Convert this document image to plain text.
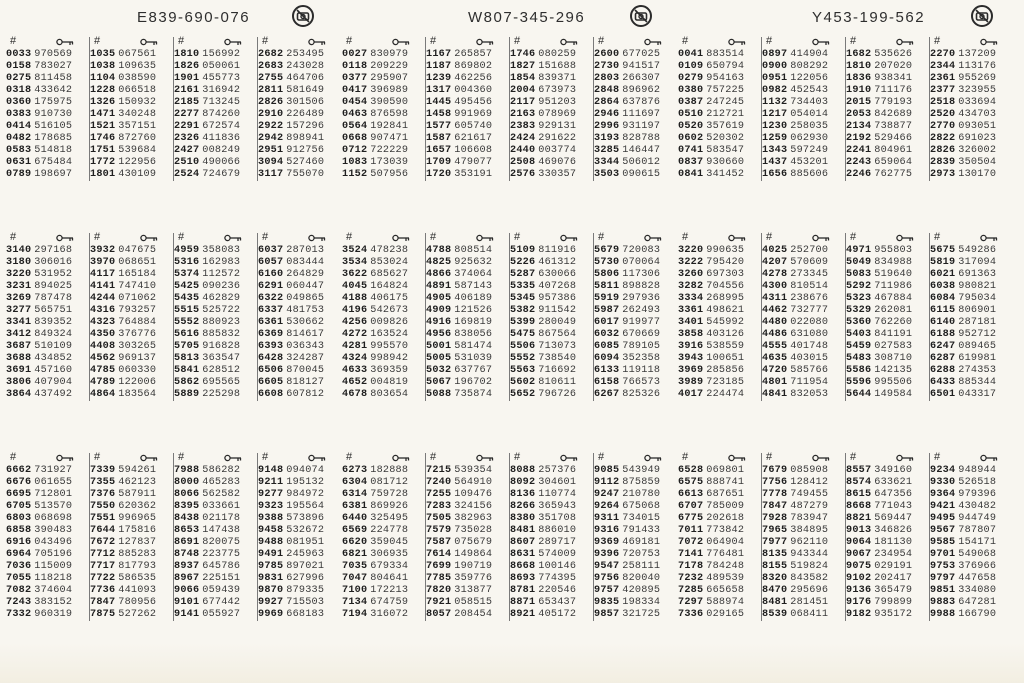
E839-690-076	W807-345-296	Y453-199-562
#
0033 970569
0158 783027
0275 811458
0318 433642
0360 175975
0383 910730
0414 516105
0482 178685
0583 514818
0631 675484
0789 198697
#
1035 067561
1038 109635
1104 038590
1228 066518
1326 150932
1471 340248
1521 357151
1746 872760
1751 539684
1772 122956
1801 430109
#
1810 156992
1826 050061
1901 455773
2161 316942
2185 713245
2277 874260
2291 672574
2326 411836
2427 008249
2510 490066
2524 724679
#
2682 253495
2683 243028
2755 464706
2811 581649
2826 301506
2910 226489
2922 157296
2942 898941
2951 912756
3094 527460
3117 755070
#
0027 830979
0118 209229
0377 295907
0417 396989
0454 390590
0463 876598
0564 192841
0668 907471
0712 722229
1083 173039
1152 507956
#
1167 265857
1187 869802
1239 462256
1317 004360
1445 495456
1458 991969
1577 605740
1587 621617
1657 106608
1709 479077
1720 353191
#
1746 080259
1827 151688
1854 839371
2004 673973
2117 951203
2163 078969
2383 929131
2424 291622
2440 003774
2508 469076
2576 330357
#
2600 677025
2730 941517
2803 266307
2848 896962
2864 637876
2946 111697
2996 931197
3193 828788
3285 146447
3344 506012
3503 090615
#
0041 883514
0109 650794
0279 954163
0380 757225
0387 247245
0510 212721
0520 357619
0602 520302
0741 583547
0837 930660
0841 341452
#
0897 414904
0900 808292
0951 122056
0982 452543
1132 734403
1217 054014
1230 258035
1259 062930
1343 597249
1437 453201
1656 885606
#
1682 535626
1810 207020
1836 938341
1910 711176
2015 779193
2053 842689
2134 738877
2192 529466
2241 804961
2243 659064
2246 762775
#
2270 137209
2344 113176
2361 955269
2377 323955
2518 033694
2520 434703
2770 093051
2822 691023
2826 326002
2839 350504
2973 130170
#
3140 297168
3180 306016
3220 531952
3231 894025
3269 787478
3277 565751
3341 839352
3412 849324
3687 510109
3688 434852
3691 457160
3806 407904
3864 437492
#
3932 047675
3970 068651
4117 165184
4141 747410
4244 071062
4316 793257
4323 764884
4350 376776
4408 303265
4562 969137
4785 060330
4789 122006
4864 183564
#
4959 358083
5316 162983
5374 112572
5425 090236
5435 462829
5515 525722
5552 880923
5616 885832
5705 916828
5813 363547
5841 628512
5862 695565
5889 225298
#
6037 287013
6057 083444
6160 264829
6291 060447
6322 049865
6337 481753
6361 530662
6369 814617
6393 036343
6428 324287
6506 870045
6605 818127
6608 607812
#
3524 478238
3534 853024
3622 685627
4045 164824
4188 406175
4196 542673
4256 009826
4272 163524
4281 995570
4324 998942
4633 369359
4652 004819
4678 803654
#
4788 808514
4825 925632
4866 374064
4891 587143
4905 406189
4909 121526
4916 169819
4956 838056
5001 581474
5005 531039
5032 637767
5067 196702
5088 735874
#
5109 811916
5226 461312
5287 630066
5335 407268
5345 957386
5382 911542
5399 280049
5475 867564
5506 713073
5552 738540
5563 716692
5602 810611
5652 796726
#
5679 720083
5730 070064
5806 117306
5811 898828
5919 297936
5987 262493
6017 919977
6032 670669
6085 789105
6094 352358
6133 119118
6158 766573
6267 825326
#
3220 990635
3222 795420
3260 697303
3282 704556
3334 268995
3361 498621
3401 545992
3858 403126
3916 538559
3943 100651
3969 285856
3989 723185
4017 224474
#
4025 252700
4207 570609
4278 273345
4300 810514
4311 238676
4462 732777
4480 022080
4486 631080
4555 401748
4635 403015
4720 585766
4801 711954
4841 832053
#
4971 955803
5049 834988
5083 519640
5292 711986
5323 467884
5329 262081
5360 762260
5403 841191
5459 027583
5483 308710
5586 142135
5596 995506
5644 149584
#
5675 549286
5819 317094
6021 691363
6038 980821
6084 795034
6115 806901
6140 287181
6188 952712
6247 089465
6287 619981
6288 274353
6433 885344
6501 043317
#
6662 731927
6676 061655
6695 712801
6705 513570
6803 068698
6858 390483
6916 043496
6964 705196
7036 115009
7055 118218
7082 374604
7243 383152
7332 960319
#
7339 594261
7355 462123
7376 587911
7550 620362
7551 996965
7644 175816
7672 127837
7712 885283
7717 817793
7722 586535
7736 441093
7847 780956
7875 527262
#
7988 586282
8000 465283
8066 562582
8395 033661
8438 021178
8653 147438
8691 820075
8748 223775
8937 645786
8967 225151
9066 059439
9101 677442
9141 055927
#
9148 094074
9211 195132
9277 984972
9323 195564
9388 573896
9458 532672
9488 081951
9491 245963
9785 897021
9831 627996
9870 879335
9927 715503
9969 668183
#
6273 182888
6304 081712
6314 759728
6381 869926
6440 325495
6569 224778
6620 359045
6821 306935
7035 679334
7047 804641
7100 172213
7134 674759
7194 316072
#
7215 539354
7240 564910
7255 109476
7283 324156
7505 382963
7579 735028
7587 075679
7614 149864
7699 190719
7785 359776
7820 313877
7921 058515
8057 208454
#
8088 257376
8092 304601
8136 110774
8266 365943
8380 351708
8481 886010
8607 289717
8631 574009
8668 100146
8693 774395
8781 220546
8871 653437
8921 405172
#
9085 543949
9112 875859
9247 210780
9264 675068
9311 734015
9316 791433
9369 469181
9396 720753
9547 258111
9756 820040
9757 420895
9835 198334
9857 321725
#
6528 069801
6575 888741
6613 687651
6707 785009
6775 202618
7011 773842
7072 064904
7141 776481
7178 784248
7232 489539
7285 665658
7297 588974
7336 029165
#
7679 085908
7756 128412
7778 749455
7847 487279
7928 783947
7965 384895
7977 962110
8135 943344
8155 519824
8320 843582
8470 295696
8481 281451
8539 068411
#
8557 349160
8574 633621
8615 647356
8668 771043
8821 569447
9013 346826
9064 181130
9067 234954
9075 029191
9102 202417
9136 365479
9176 799899
9182 935172
#
9234 948944
9330 526518
9364 979396
9421 430482
9495 944749
9567 787807
9585 154171
9701 549068
9753 376966
9797 447658
9851 334080
9883 647281
9988 166790
